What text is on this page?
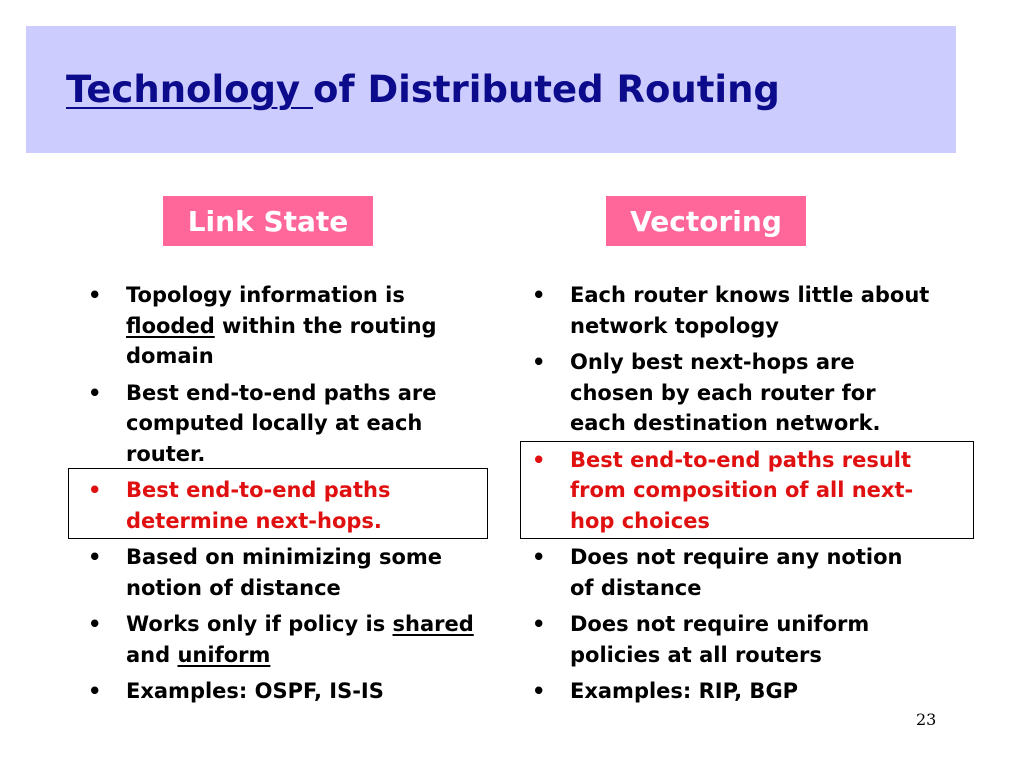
Technology of Distributed Routing
Link State	Vectoring
• Topology information is flooded within the routing domain
• Best end-to-end paths are computed locally at each router.
• Best end-to-end paths determine next-hops.
• Based on minimizing some notion of distance
• Works only if policy is shared and uniform
• Examples: OSPF, IS-IS
• Each router knows little about network topology
• Only best next-hops are chosen by each router for each destination network.
• Best end-to-end paths result from composition of all next-hop choices
• Does not require any notion of distance
• Does not require uniform policies at all routers
• Examples: RIP, BGP
23
